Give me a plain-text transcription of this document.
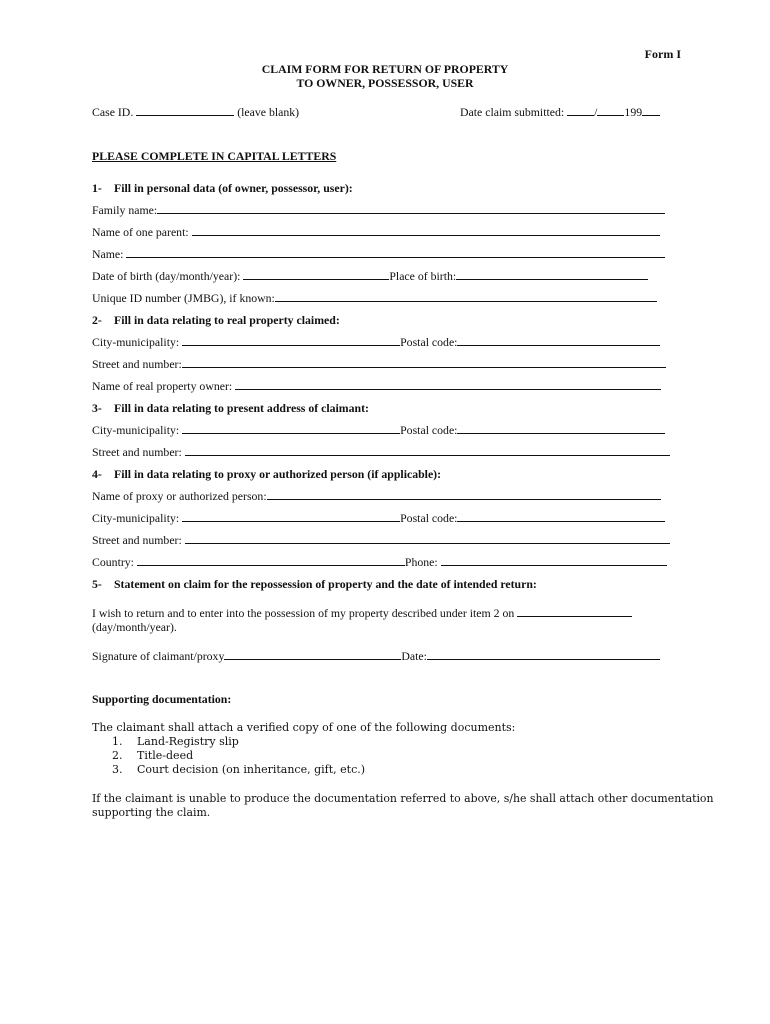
Form I
CLAIM FORM FOR RETURN OF PROPERTY
TO OWNER, POSSESSOR, USER
Case ID.	(leave blank)	Date claim submitted:	/ 199
PLEASE COMPLETE IN CAPITAL LETTERS
1- Fill in personal data (of owner, possessor, user):
Family name:
Name of one parent:
Name:
Date of birth (day/month/year):	Place of birth:
Unique ID number (JMBG), if known:
2- Fill in data relating to real property claimed:
City-municipality:	Postal code:
Street and number:
Name of real property owner:
3- Fill in data relating to present address of claimant:
City-municipality:	Postal code:
Street and number:
4- Fill in data relating to proxy or authorized person (if applicable):
Name of proxy or authorized person:
City-municipality:	Postal code:
Street and number:
Country:	Phone:
5- Statement on claim for the repossession of property and the date of intended return:
I wish to return and to enter into the possession of my property described under item 2 on
(day/month/year).
Signature of claimant/proxy	Date:
Supporting documentation:
The claimant shall attach a verified copy of one of the following documents:
1. Land-Registry slip
2. Title-deed
3. Court decision (on inheritance, gift, etc.)
If the claimant is unable to produce the documentation referred to above, s/he shall attach other documentation
supporting the claim.
